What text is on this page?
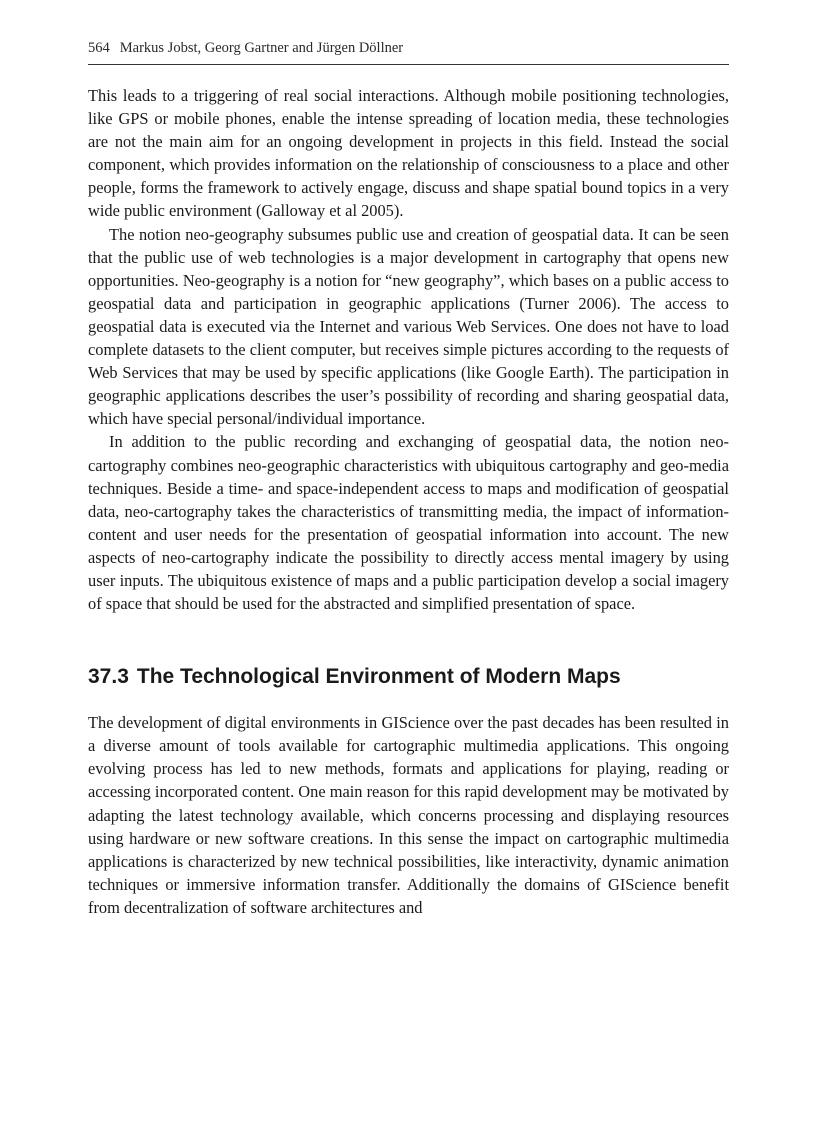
564 Markus Jobst, Georg Gartner and Jürgen Döllner

This leads to a triggering of real social interactions. Although mobile positioning technologies, like GPS or mobile phones, enable the intense spreading of location media, these technologies are not the main aim for an ongoing development in projects in this field. Instead the social component, which provides information on the relationship of consciousness to a place and other people, forms the framework to actively engage, discuss and shape spatial bound topics in a very wide public environment (Galloway et al 2005).

The notion neo-geography subsumes public use and creation of geospatial data. It can be seen that the public use of web technologies is a major development in cartography that opens new opportunities. Neo-geography is a notion for “new geography”, which bases on a public access to geospatial data and participation in geographic applications (Turner 2006). The access to geospatial data is executed via the Internet and various Web Services. One does not have to load complete datasets to the client computer, but receives simple pictures according to the requests of Web Services that may be used by specific applications (like Google Earth). The participation in geographic applications describes the user’s possibility of recording and sharing geospatial data, which have special personal/individual importance.

In addition to the public recording and exchanging of geospatial data, the notion neo-cartography combines neo-geographic characteristics with ubiquitous cartography and geo-media techniques. Beside a time- and space-independent access to maps and modification of geospatial data, neo-cartography takes the characteristics of transmitting media, the impact of information-content and user needs for the presentation of geospatial information into account. The new aspects of neo-cartography indicate the possibility to directly access mental imagery by using user inputs. The ubiquitous existence of maps and a public participation develop a social imagery of space that should be used for the abstracted and simplified presentation of space.

37.3 The Technological Environment of Modern Maps

The development of digital environments in GIScience over the past decades has been resulted in a diverse amount of tools available for cartographic multimedia applications. This ongoing evolving process has led to new methods, formats and applications for playing, reading or accessing incorporated content. One main reason for this rapid development may be motivated by adapting the latest technology available, which concerns processing and displaying resources using hardware or new software creations. In this sense the impact on cartographic multimedia applications is characterized by new technical possibilities, like interactivity, dynamic animation techniques or immersive information transfer. Additionally the domains of GIScience benefit from decentralization of software architectures and
